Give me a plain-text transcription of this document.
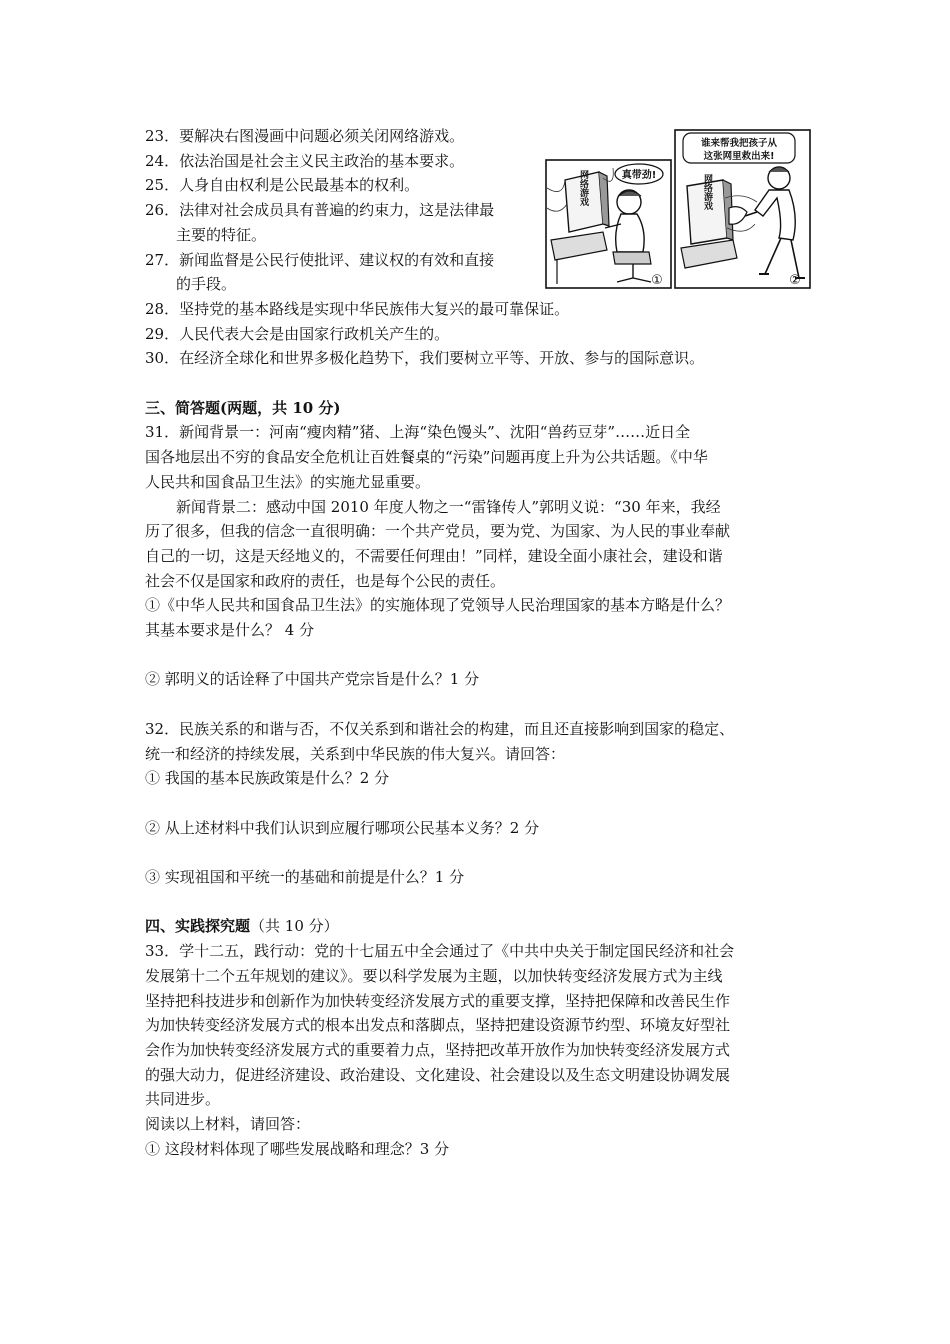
23．要解决右图漫画中问题必须关闭网络游戏。
24．依法治国是社会主义民主政治的基本要求。
25．人身自由权利是公民最基本的权利。
26．法律对社会成员具有普遍的约束力，这是法律最
主要的特征。
27．新闻监督是公民行使批评、建议权的有效和直接
的手段。
28．坚持党的基本路线是实现中华民族伟大复兴的最可靠保证。
29．人民代表大会是由国家行政机关产生的。
30．在经济全球化和世界多极化趋势下，我们要树立平等、开放、参与的国际意识。
三、简答题(两题，共 10 分)
31．新闻背景一：河南“瘦肉精”猪、上海“染色馒头”、沈阳“兽药豆芽”……近日全
国各地层出不穷的食品安全危机让百姓餐桌的“污染”问题再度上升为公共话题。《中华
人民共和国食品卫生法》的实施尤显重要。
新闻背景二：感动中国 2010 年度人物之一“雷锋传人”郭明义说：“30 年来，我经
历了很多，但我的信念一直很明确：一个共产党员，要为党、为国家、为人民的事业奉献
自己的一切，这是天经地义的，不需要任何理由！”同样，建设全面小康社会，建设和谐
社会不仅是国家和政府的责任，也是每个公民的责任。
①《中华人民共和国食品卫生法》的实施体现了党领导人民治理国家的基本方略是什么？
其基本要求是什么？ 4 分
② 郭明义的话诠释了中国共产党宗旨是什么？1 分
32．民族关系的和谐与否，不仅关系到和谐社会的构建，而且还直接影响到国家的稳定、
统一和经济的持续发展，关系到中华民族的伟大复兴。请回答：
① 我国的基本民族政策是什么？2 分
② 从上述材料中我们认识到应履行哪项公民基本义务？2 分
③ 实现祖国和平统一的基础和前提是什么？1 分
四、实践探究题（共 10 分）
33．学十二五，践行动：党的十七届五中全会通过了《中共中央关于制定国民经济和社会
发展第十二个五年规划的建议》。要以科学发展为主题，以加快转变经济发展方式为主线
坚持把科技进步和创新作为加快转变经济发展方式的重要支撑，坚持把保障和改善民生作
为加快转变经济发展方式的根本出发点和落脚点，坚持把建设资源节约型、环境友好型社
会作为加快转变经济发展方式的重要着力点，坚持把改革开放作为加快转变经济发展方式
的强大动力，促进经济建设、政治建设、文化建设、社会建设以及生态文明建设协调发展
共同进步。
阅读以上材料，请回答：
① 这段材料体现了哪些发展战略和理念？3 分
网络游戏	真带劲!
①
谁来帮我把孩子从
这张网里救出来!
网络游戏
②
